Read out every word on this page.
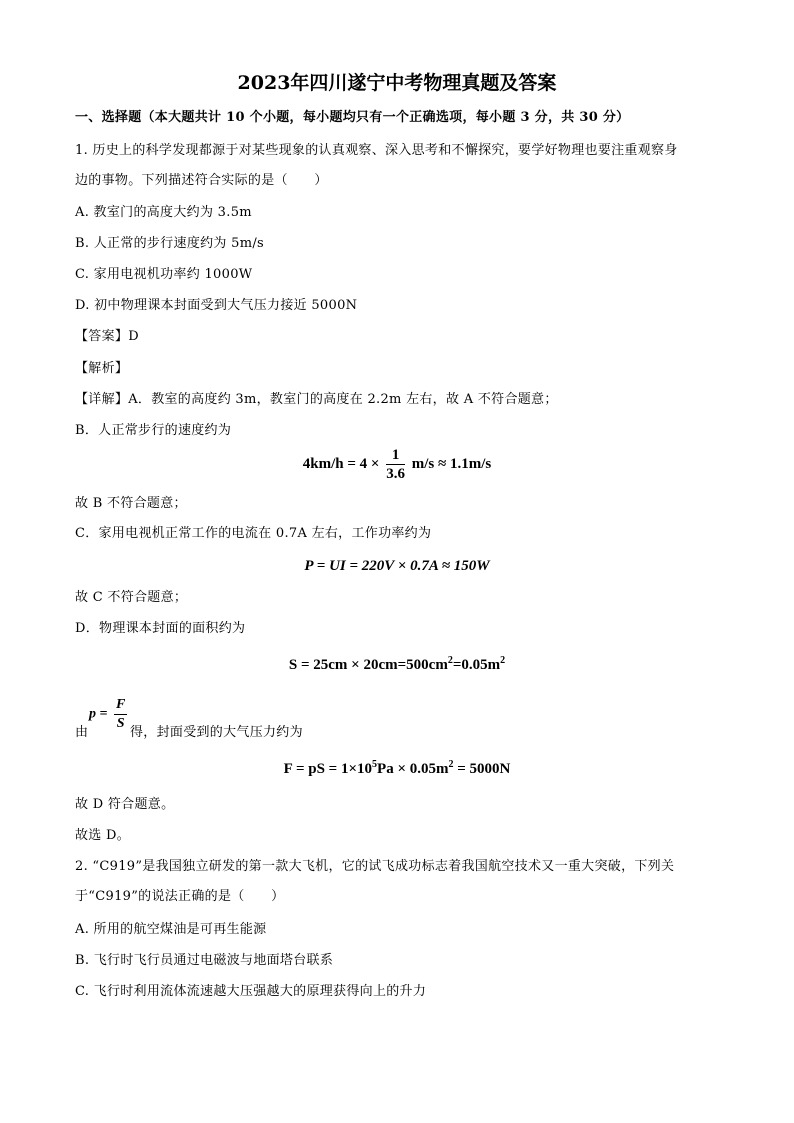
2023年四川遂宁中考物理真题及答案
一、选择题（本大题共计 10 个小题，每小题均只有一个正确选项，每小题 3 分，共 30 分）
1. 历史上的科学发现都源于对某些现象的认真观察、深入思考和不懈探究，要学好物理也要注重观察身
边的事物。下列描述符合实际的是（　　）
A. 教室门的高度大约为 3.5m
B. 人正常的步行速度约为 5m/s
C. 家用电视机功率约 1000W
D. 初中物理课本封面受到大气压力接近 5000N
【答案】D
【解析】
【详解】A．教室的高度约 3m，教室门的高度在 2.2m 左右，故 A 不符合题意；
B．人正常步行的速度约为
$4km/h = 4 \times \frac{1}{3.6} m/s \approx 1.1m/s$
故 B 不符合题意；
C．家用电视机正常工作的电流在 0.7A 左右，工作功率约为
P = UI = 220V × 0.7A ≈ 150W
故 C 不符合题意；
D．物理课本封面的面积约为
$S = 25cm \times 20cm=500cm^2=0.05m^2$
由
$p = \frac{F}{S}$ 得，封面受到的大气压力约为
F = pS = $1\times 10^5Pa \times 0.05m^2 = 5000N$
故 D 符合题意。
故选 D。
2. “C919”是我国独立研发的第一款大飞机，它的试飞成功标志着我国航空技术又一重大突破，下列关
于“C919”的说法正确的是（　　）
A. 所用的航空煤油是可再生能源
B. 飞行时飞行员通过电磁波与地面塔台联系
C. 飞行时利用流体流速越大压强越大的原理获得向上的升力
